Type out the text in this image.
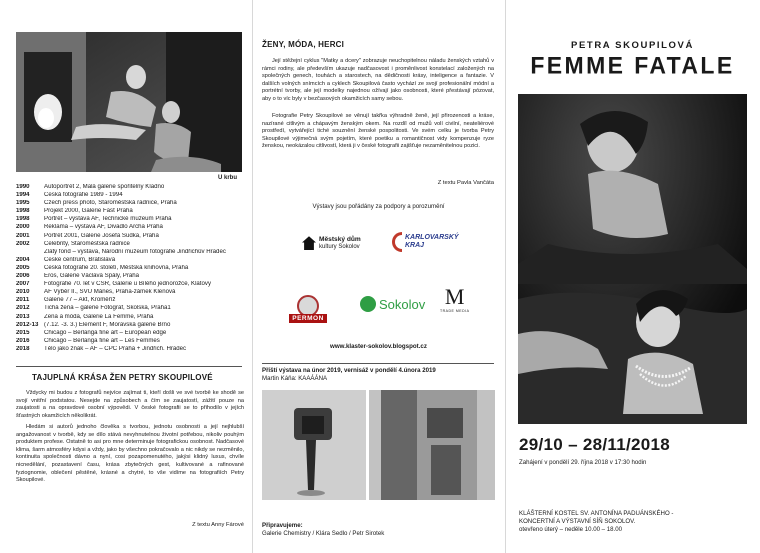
U krbu
1990	Autoportrét 2, Malá galerie spořitelny Kladno
1994	Česká fotografie 1989 - 1994
1995	Czech press photo, Staroměstská radnice, Praha
1998	Projekt 2000, Galerie Fast Praha
1998	Portrét – výstava AF, Technické muzeum Praha
2000	Reklama – výstava AF, Divadlo Archa Praha
2001	Portrét 2001, Galerie Josefa Sudka, Praha
2002	Celebrity, Staroměstská radnice
Zlatý fond – výstava, Národní muzeum fotografie Jindřichův Hradec
2004	Česke centrum, Bratislava
2005	Česká fotografie 20. století, Městská knihovna, Praha
2006	Eros, Galerie Václava Špály, Praha
2007	Fotografie 70. let v ČSR, Galerie u Bílého jednorožce, Klatovy
2010	AF Výběr II., SVU Mánes, Praha-zámek Klenová
2011	Galerie 77 – Akt, Kroměříž
2012	Tichá žena – galerie Fotograf, Školská, Praha1
2013	Žena a móda, Galerie La Femme, Praha
2012-13 (7.12. -3. 3.) Element F, Moravská galerie Brno
2015	Chicago – Berlanga fine art – European edge
2016	Chicago – Berlanga fine art – Les Femmes
2018	Tělo jako znak – AF – CPC Praha + Jindřich. Hradec
TAJUPLNÁ KRÁSA ŽEN PETRY SKOUPILOVÉ
Vždycky mi budou z fotografů nejvíce zajímat ti, kteří došli ve své tvorbě ke shodě se svojí vnitřní podstatou. Nesejde na způsobech a čím se zaujatostí, zážití pouze na zaujatosti a na opravdové osobní výpovědi. V české fotografii se to přihodilo v jejích šťastných okamžicích několikrát.
Hledám si autorů jednoho člověka s tvorbou, jednotu osobnosti a její nejhlubší angažovanost v tvorbě, kdy se dílo stává nevyhnutelnou životní potřebou, nikoliv pouhým produktem profese. Ostatně to asi pro mne determinuje fotografickou osobnost. Nadčasové klima, šarm atmosféry kdysi a vždy, jako by všechno pokračovalo a nic nikdy se nezměnilo, kontinuita společnosti dávno a nyní, cosi pozapomenutého, jakýsi klidný luxus, chvíle nicnedělání, pozastavení času, krása zbytečných gest, kultivované a rafinované fyziognomie, oblečení pěstěné, krásné a chytré, to vše vidíme na fotografiích Petry Skoupilové.
Z textu Anny Fárové
ŽENY, MÓDA, HERCI
Její stěžejní cyklus "Matky a dcery" zobrazuje neuchopitelnou náladu ženských vztahů v rámci rodiny, ale především ukazuje nadčasovost i proměnlivost konstelací založených na společných genech, touhách a starostech, na dědičnosti krásy, inteligence a fantazie. V dalších volných snímcích a cyklech Skoupilová často vychází ze svojí profesionální módní a portrétní tvorby, ale její modelky najednou ožívají jako osobnosti, které přestávají pózovat, aby o to víc byly v bezčasových okamžicích samy sebou.
Fotografie Petry Skoupilové se věnují takřka výhradně ženě, její přirozenosti a kráse, nazírané citlivým a chápavým ženským okem. Na rozdíl od mužů volí civilní, neateliérové prostředí, vytvářející tiché souznění ženské pospolitosti. Ve svém celku je tvorba Petry Skoupilové výjimečná svým pojetím, které poetiku a romantičnost vidy kompenzuje ryze ženskou, neokázalou citlivostí, která ji v české fotografii zajišťuje nezaměnitelnou pozici.
Z textu Pavla Vančáta
Výstavy jsou pořádány za podpory a porozumění
Městský dům
kultury Sokolov
KARLOVARSKÝ
KRAJ
PERMON
Sokolov M
TRADE MEDIA
www.klaster-sokolov.blogspot.cz
Příští výstava na únor 2019, vernisáž v pondělí 4.února 2019
Martin Káňa: KAAÁÁNA
Připravujeme:
Galerie Chemistry / Klára Sedlo / Petr Sirotek
PETRA SKOUPILOVÁ
FEMME FATALE
29/10 – 28/11/2018
Zahájení v pondělí 29. října 2018 v 17:30 hodin
KLÁŠTERNÍ KOSTEL SV. ANTONÍNA PADUÁNSKÉHO -
KONCERTNÍ A VÝSTAVNÍ SÍŇ SOKOLOV.
otevřeno úterý – neděle 10.00 – 18.00
